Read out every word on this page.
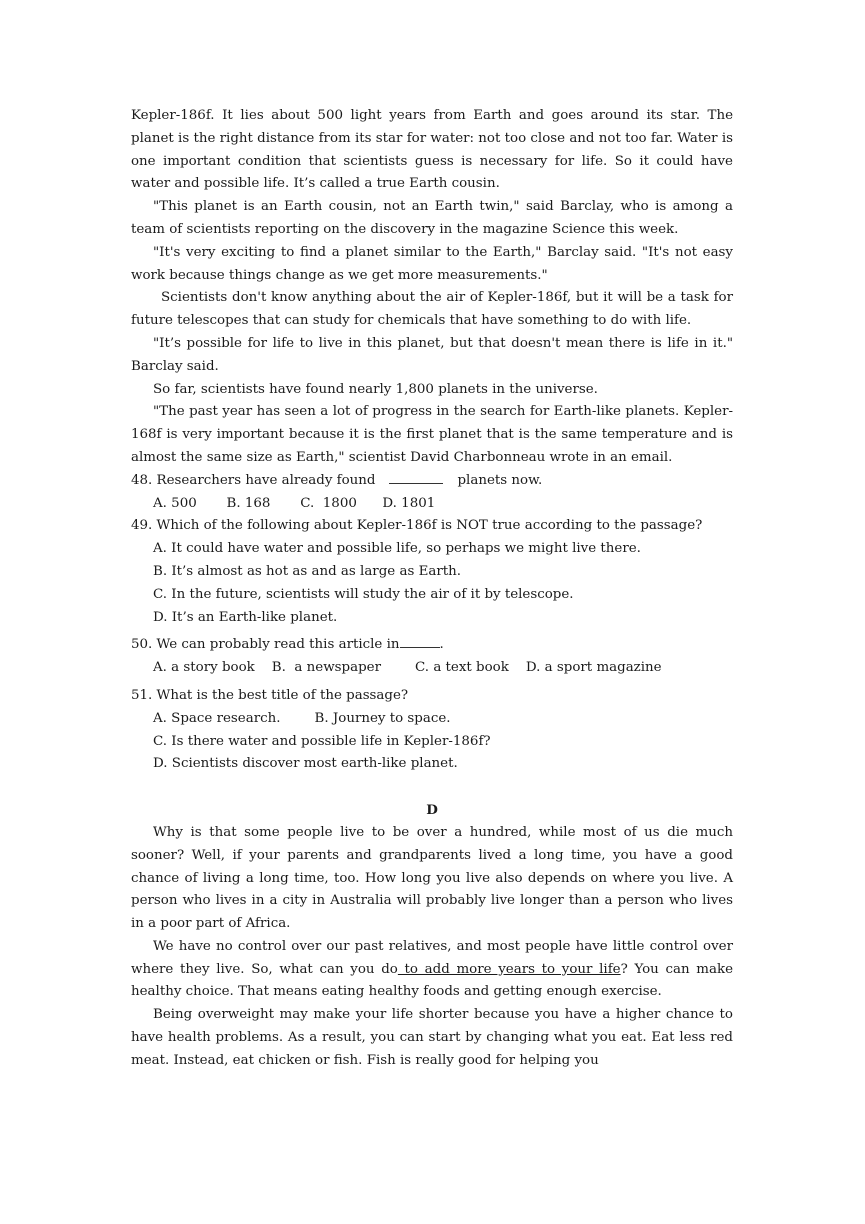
Kepler-186f. It lies about 500 light years from Earth and goes around its star. The planet is the right distance from its star for water: not too close and not too far. Water is one important condition that scientists guess is necessary for life. So it could have water and possible life. It’s called a true Earth cousin.

"This planet is an Earth cousin, not an Earth twin," said Barclay, who is among a team of scientists reporting on the discovery in the magazine Science this week.

"It's very exciting to find a planet similar to the Earth," Barclay said. "It's not easy work because things change as we get more measurements."

Scientists don't know anything about the air of Kepler-186f, but it will be a task for future telescopes that can study for chemicals that have something to do with life.

"It’s possible for life to live in this planet, but that doesn't mean there is life in it." Barclay said.

So far, scientists have found nearly 1,800 planets in the universe.

"The past year has seen a lot of progress in the search for Earth-like planets. Kepler-168f is very important because it is the first planet that is the same temperature and is almost the same size as Earth," scientist David Charbonneau wrote in an email.

48. Researchers have already found	planets now.

A. 500       B. 168       C.  1800      D. 1801

49. Which of the following about Kepler-186f is NOT true according to the passage?

A. It could have water and possible life, so perhaps we might live there.

B. It’s almost as hot as and as large as Earth.

C. In the future, scientists will study the air of it by telescope.

D. It’s an Earth-like planet.

50. We can probably read this article in	.

A. a story book    B.  a newspaper        C. a text book    D. a sport magazine

51. What is the best title of the passage?

A. Space research.        B. Journey to space.

C. Is there water and possible life in Kepler-186f?

D. Scientists discover most earth-like planet.

D

Why is that some people live to be over a hundred, while most of us die much sooner? Well, if your parents and grandparents lived a long time, you have a good chance of living a long time, too. How long you live also depends on where you live. A person who lives in a city in Australia will probably live longer than a person who lives in a poor part of Africa.

We have no control over our past relatives, and most people have little control over where they live. So, what can you do to add more years to your life? You can make healthy choice. That means eating healthy foods and getting enough exercise.

Being overweight may make your life shorter because you have a higher chance to have health problems. As a result, you can start by changing what you eat. Eat less red meat. Instead, eat chicken or fish. Fish is really good for helping you
